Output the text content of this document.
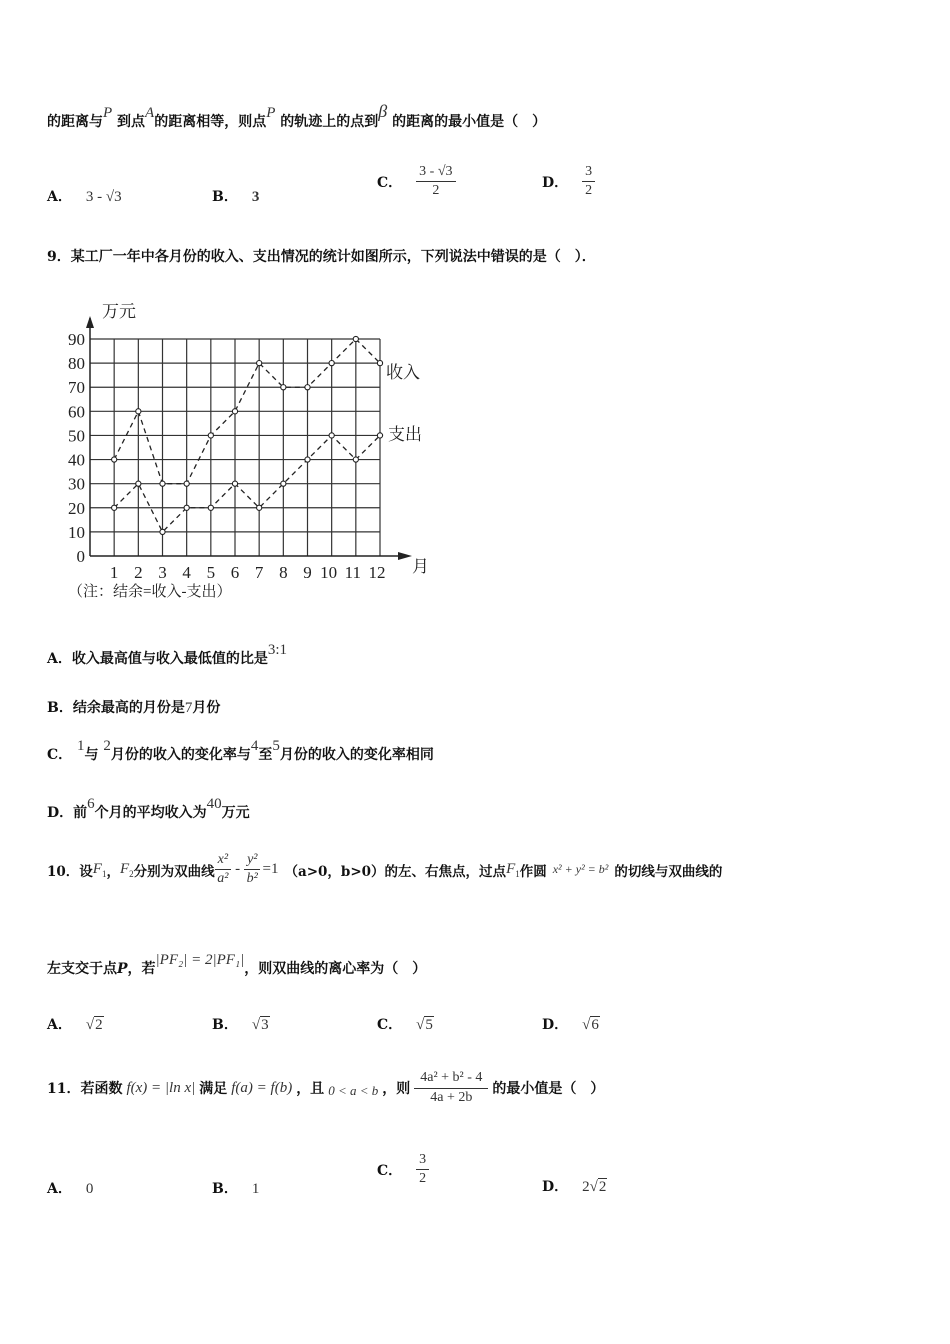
的距离与P 到点A的距离相等，则点P 的轨迹上的点到β 的距离的最小值是（　）
A． 3 - √3	B． 3
C． $\frac{3 - √3}{2}$	D． $\frac{3}{2}$
9．某工厂一年中各月份的收入、支出情况的统计如图所示，下列说法中错误的是（　）．
0
10
20
30
40
50
60
70
80
90
1 2 3 4 5 6 7 8 9 10 11 12
万元
月
（注：结余=收入-支出）
收入
支出
A．收入最高值与收入最低值的比是3:1
B．结余最高的月份是7月份
C． 1与 2月份的收入的变化率与4至5月份的收入的变化率相同
D．前6个月的平均收入为40万元
10．设 F 1 ， F 2 分别为双曲线 $\frac{\text{x²}}{\text{a²}} - \frac{\text{y²}}{\text{b²}} =1$ （a>0，b>0）的左、右焦点，过点 F 1 作圆 x² + y² = b² 的切线与双曲线的
左支交于点P，若|PF₂| = 2|PF₁|，则双曲线的离心率为（　）
A． √2	B． √3	C． √5	D． √6
11．若函数 f(x) = |ln x| 满足 f(a) = f(b) ，且 0 < a < b ，则 $\frac{\text{4a² + b² - 4}}{4a + 2b}$ 的最小值是（　）
A． 0	B． 1
C． $\frac{3}{2}$	D． 2√2
